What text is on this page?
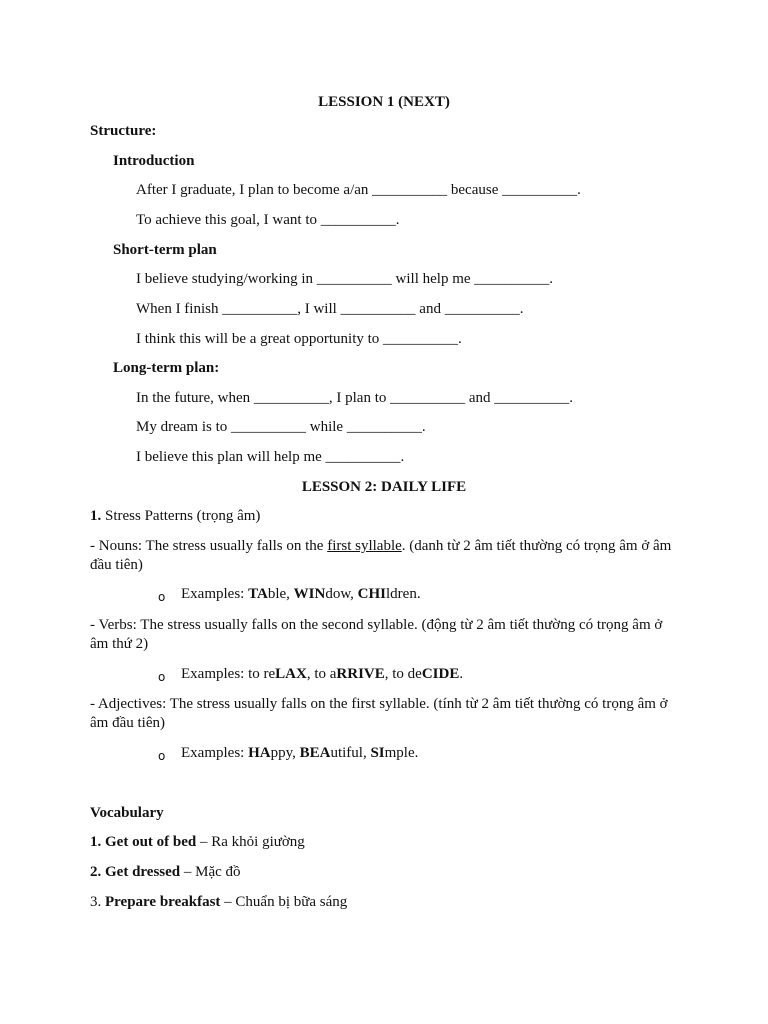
LESSION 1 (NEXT)
Structure:
Introduction
After I graduate, I plan to become a/an __________ because __________.
To achieve this goal, I want to __________.
Short-term plan
I believe studying/working in __________ will help me __________.
When I finish __________, I will __________ and __________.
I think this will be a great opportunity to __________.
Long-term plan:
In the future, when __________, I plan to __________ and __________.
My dream is to __________ while __________.
I believe this plan will help me __________.
LESSON 2: DAILY LIFE
1. Stress Patterns (trọng âm)
- Nouns: The stress usually falls on the first syllable. (danh từ 2 âm tiết thường có trọng âm ở âm đầu tiên)
o Examples: TAble, WINdow, CHIldren.
- Verbs: The stress usually falls on the second syllable. (động từ 2 âm tiết thường có trọng âm ở âm thứ 2)
o Examples: to reLAX, to aRRIVE, to deCIDE.
- Adjectives: The stress usually falls on the first syllable. (tính từ 2 âm tiết thường có trọng âm ở âm đầu tiên)
o Examples: HAppy, BEAutiful, SImple.
Vocabulary
1. Get out of bed – Ra khỏi giường
2. Get dressed – Mặc đồ
3. Prepare breakfast – Chuẩn bị bữa sáng
